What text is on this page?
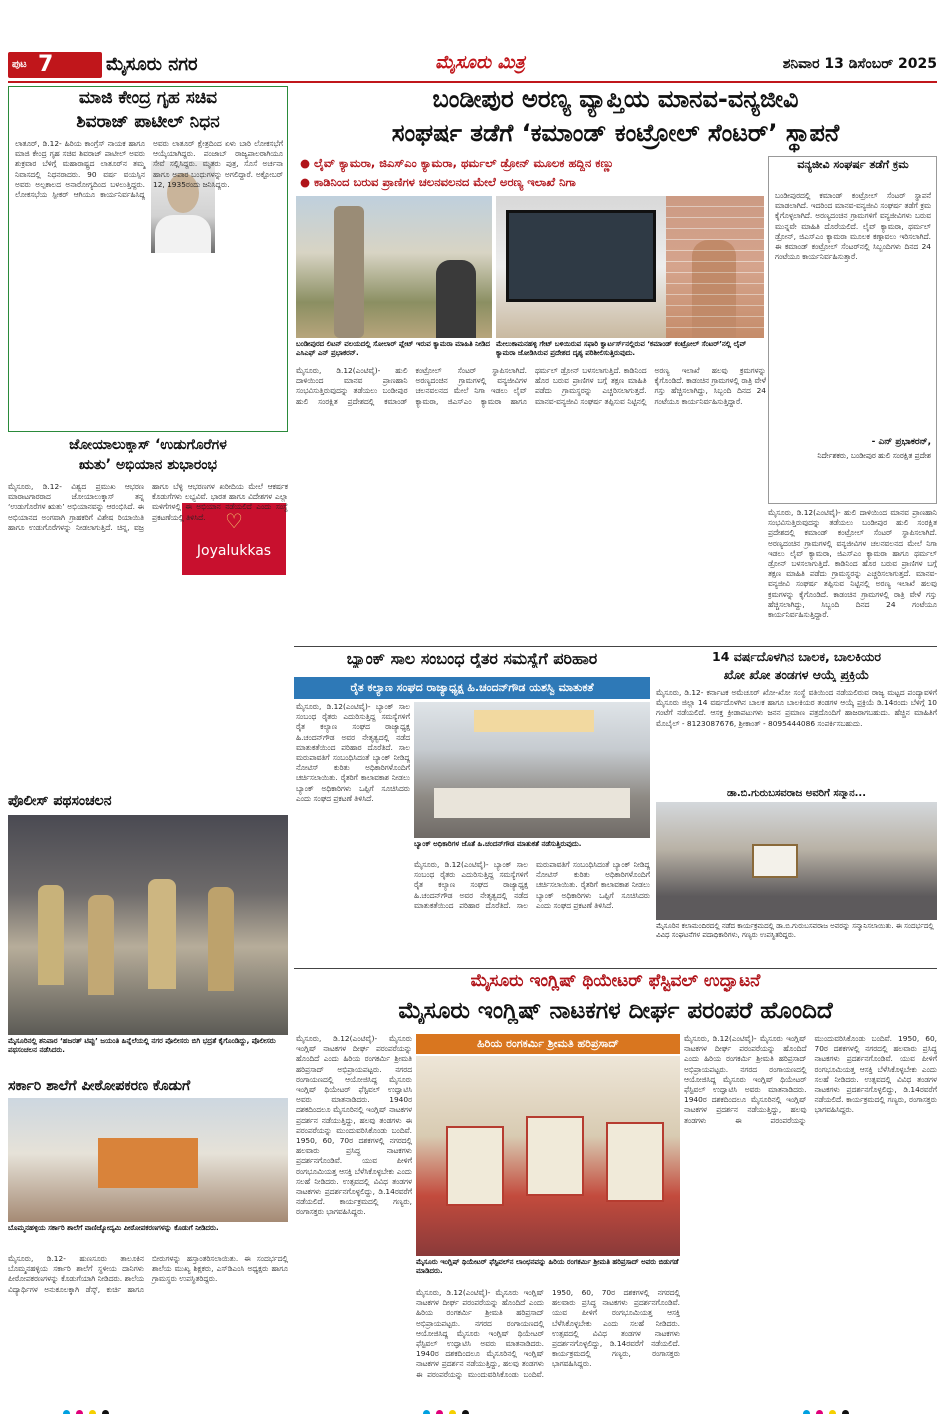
ಪುಟ 7	ಮೈಸೂರು ನಗರ	ಮೈಸೂರು ಮಿತ್ರ	ಶನಿವಾರ 13 ಡಿಸೆಂಬರ್ 2025
ಮಾಜಿ ಕೇಂದ್ರ ಗೃಹ ಸಚಿವ
ಶಿವರಾಜ್ ಪಾಟೀಲ್ ನಿಧನ
ಲಾತೂರ್, ಡಿ.12- ಹಿರಿಯ ಕಾಂಗ್ರೆಸ್ ನಾಯಕ ಹಾಗೂ ಮಾಜಿ ಕೇಂದ್ರ ಗೃಹ ಸಚಿವ ಶಿವರಾಜ್ ಪಾಟೀಲ್ ಅವರು ಶುಕ್ರವಾರ ಬೆಳಿಗ್ಗೆ ಮಹಾರಾಷ್ಟ್ರದ ಲಾತೂರ್‌ನ ತಮ್ಮ ನಿವಾಸದಲ್ಲಿ ನಿಧನರಾದರು. 90 ವರ್ಷ ವಯಸ್ಸಿನ ಅವರು ಅಲ್ಪಕಾಲದ ಅನಾರೋಗ್ಯದಿಂದ ಬಳಲುತ್ತಿದ್ದರು. ಲೋಕಸಭೆಯ ಸ್ಪೀಕರ್ ಆಗಿಯೂ ಕಾರ್ಯನಿರ್ವಹಿಸಿದ್ದ ಅವರು ಲಾತೂರ್ ಕ್ಷೇತ್ರದಿಂದ ಏಳು ಬಾರಿ ಲೋಕಸಭೆಗೆ ಆಯ್ಕೆಯಾಗಿದ್ದರು. ಪಂಜಾಬ್ ರಾಜ್ಯಪಾಲರಾಗಿಯೂ ಸೇವೆ ಸಲ್ಲಿಸಿದ್ದರು. ಮೃತರು ಪುತ್ರ, ಸೊಸೆ ಅರ್ಚನಾ ಹಾಗೂ ಅಪಾರ ಬಂಧುಗಳನ್ನು ಅಗಲಿದ್ದಾರೆ. ಅಕ್ಟೋಬರ್ 12, 1935ರಂದು ಜನಿಸಿದ್ದರು.
ಜೋಯಾಲುಕ್ಕಾಸ್ ‘ಉಡುಗೊರೆಗಳ
ಋತು’ ಅಭಿಯಾನ ಶುಭಾರಂಭ
♡
Joyalukkas
ಮೈಸೂರು, ಡಿ.12- ವಿಶ್ವದ ಪ್ರಮುಖ ಆಭರಣ ಮಾರಾಟಗಾರರಾದ ಜೋಯಾಲುಕ್ಕಾಸ್ ತನ್ನ ‘ಉಡುಗೊರೆಗಳ ಋತು’ ಅಭಿಯಾನವನ್ನು ಆರಂಭಿಸಿದೆ. ಈ ಅಭಿಯಾನದ ಅಂಗವಾಗಿ ಗ್ರಾಹಕರಿಗೆ ವಿಶೇಷ ರಿಯಾಯಿತಿ ಹಾಗೂ ಉಡುಗೊರೆಗಳನ್ನು ನೀಡಲಾಗುತ್ತಿದೆ. ಚಿನ್ನ, ವಜ್ರ ಹಾಗೂ ಬೆಳ್ಳಿ ಆಭರಣಗಳ ಖರೀದಿಯ ಮೇಲೆ ಆಕರ್ಷಕ ಕೊಡುಗೆಗಳು ಲಭ್ಯವಿವೆ. ಭಾರತ ಹಾಗೂ ವಿದೇಶಗಳ ಎಲ್ಲಾ ಮಳಿಗೆಗಳಲ್ಲಿ ಈ ಅಭಿಯಾನ ನಡೆಯಲಿದೆ ಎಂದು ಸಂಸ್ಥೆ ಪ್ರಕಟಣೆಯಲ್ಲಿ ತಿಳಿಸಿದೆ.
ಪೊಲೀಸ್ ಪಥಸಂಚಲನ
ಮೈಸೂರಿನಲ್ಲಿ ಶನಿವಾರ ‘ಹಜರತ್ ಟಿಪ್ಪು’ ಜಯಂತಿ ಹಿನ್ನೆಲೆಯಲ್ಲಿ ನಗರ ಪೊಲೀಸರು ಬಿಗಿ ಭದ್ರತೆ ಕೈಗೊಂಡಿದ್ದು, ಪೊಲೀಸರು ಪಥಸಂಚಲನ ನಡೆಸಿದರು.
ಸರ್ಕಾರಿ ಶಾಲೆಗೆ ಪೀಠೋಪಕರಣ ಕೊಡುಗೆ
ಬೊಮ್ಮನಹಳ್ಳಿಯ ಸರ್ಕಾರಿ ಶಾಲೆಗೆ ವಾಣಿಜ್ಯೋದ್ಯಮಿ ಪೀಠೋಪಕರಣಗಳನ್ನು ಕೊಡುಗೆ ನೀಡಿದರು.
ಮೈಸೂರು, ಡಿ.12- ಹುಣಸೂರು ತಾಲೂಕಿನ ಬೊಮ್ಮನಹಳ್ಳಿಯ ಸರ್ಕಾರಿ ಶಾಲೆಗೆ ಸ್ಥಳೀಯ ದಾನಿಗಳು ಪೀಠೋಪಕರಣಗಳನ್ನು ಕೊಡುಗೆಯಾಗಿ ನೀಡಿದರು. ಶಾಲೆಯ ವಿದ್ಯಾರ್ಥಿಗಳ ಅನುಕೂಲಕ್ಕಾಗಿ ಡೆಸ್ಕ್, ಕುರ್ಚಿ ಹಾಗೂ ಬೀರುಗಳನ್ನು ಹಸ್ತಾಂತರಿಸಲಾಯಿತು. ಈ ಸಂದರ್ಭದಲ್ಲಿ ಶಾಲೆಯ ಮುಖ್ಯ ಶಿಕ್ಷಕರು, ಎಸ್‌ಡಿಎಂಸಿ ಅಧ್ಯಕ್ಷರು ಹಾಗೂ ಗ್ರಾಮಸ್ಥರು ಉಪಸ್ಥಿತರಿದ್ದರು.
ಬಂಡೀಪುರ ಅರಣ್ಯ ವ್ಯಾಪ್ತಿಯ ಮಾನವ-ವನ್ಯಜೀವಿ
ಸಂಘರ್ಷ ತಡೆಗೆ ‘ಕಮಾಂಡ್ ಕಂಟ್ರೋಲ್ ಸೆಂಟರ್’ ಸ್ಥಾಪನೆ
● ಲೈವ್ ಕ್ಯಾಮರಾ, ಜಿಎಸ್‌ಎಂ ಕ್ಯಾಮರಾ, ಥರ್ಮಲ್ ಡ್ರೋನ್ ಮೂಲಕ ಹದ್ದಿನ ಕಣ್ಣು
● ಕಾಡಿನಿಂದ ಬರುವ ಪ್ರಾಣಿಗಳ ಚಲನವಲನದ ಮೇಲೆ ಅರಣ್ಯ ಇಲಾಖೆ ನಿಗಾ
ಬಂಡೀಪುರದ ಲಿಟನ್ ವಲಯದಲ್ಲಿ ಸೋಲಾರ್ ಪ್ಲೇಟ್ ಇರುವ ಕ್ಯಾಮರಾ ಮಾಹಿತಿ ನೀಡಿದ ಎಸಿಎಫ್ ಎನ್ ಪ್ರಭಾಕರನ್.
ಮೇಲುಕಾಮನಹಳ್ಳಿ ಗೇಟ್ ಬಳಿಯಿರುವ ಸಫಾರಿ ಕ್ವಾರ್ಟರ್ಸ್‌ನಲ್ಲಿರುವ ‘ಕಮಾಂಡ್ ಕಂಟ್ರೋಲ್ ಸೆಂಟರ್’ನಲ್ಲಿ ಲೈವ್ ಕ್ಯಾಮರಾ ಜೋಡಿಸಿರುವ ಪ್ರದೇಶದ ದೃಶ್ಯ ಪರಿಶೀಲಿಸುತ್ತಿರುವುದು.
ವನ್ಯಜೀವಿ ಸಂಘರ್ಷ ತಡೆಗೆ ಕ್ರಮ
ಬಂಡೀಪುರದಲ್ಲಿ ಕಮಾಂಡ್ ಕಂಟ್ರೋಲ್ ಸೆಂಟರ್ ಸ್ಥಾಪನೆ ಮಾಡಲಾಗಿದೆ. ಇದರಿಂದ ಮಾನವ-ವನ್ಯಜೀವಿ ಸಂಘರ್ಷ ತಡೆಗೆ ಕ್ರಮ ಕೈಗೊಳ್ಳಲಾಗಿದೆ. ಅರಣ್ಯದಂಚಿನ ಗ್ರಾಮಗಳಿಗೆ ವನ್ಯಜೀವಿಗಳು ಬರುವ ಮುನ್ನವೇ ಮಾಹಿತಿ ದೊರೆಯಲಿದೆ. ಲೈವ್ ಕ್ಯಾಮರಾ, ಥರ್ಮಲ್ ಡ್ರೋನ್, ಜಿಎಸ್‌ಎಂ ಕ್ಯಾಮರಾ ಮೂಲಕ ಕಣ್ಗಾವಲು ಇರಿಸಲಾಗಿದೆ. ಈ ಕಮಾಂಡ್ ಕಂಟ್ರೋಲ್ ಸೆಂಟರ್‌ನಲ್ಲಿ ಸಿಬ್ಬಂದಿಗಳು ದಿನದ 24 ಗಂಟೆಯೂ ಕಾರ್ಯನಿರ್ವಹಿಸುತ್ತಾರೆ.
- ಎನ್ ಪ್ರಭಾಕರನ್,
ನಿರ್ದೇಶಕರು, ಬಂಡೀಪುರ ಹುಲಿ ಸಂರಕ್ಷಿತ ಪ್ರದೇಶ
ಮೈಸೂರು, ಡಿ.12(ಎಂಟಿವೈ)- ಹುಲಿ ದಾಳಿಯಿಂದ ಮಾನವ ಪ್ರಾಣಹಾನಿ ಸಂಭವಿಸುತ್ತಿರುವುದನ್ನು ತಡೆಯಲು ಬಂಡೀಪುರ ಹುಲಿ ಸಂರಕ್ಷಿತ ಪ್ರದೇಶದಲ್ಲಿ ಕಮಾಂಡ್ ಕಂಟ್ರೋಲ್ ಸೆಂಟರ್ ಸ್ಥಾಪಿಸಲಾಗಿದೆ. ಅರಣ್ಯದಂಚಿನ ಗ್ರಾಮಗಳಲ್ಲಿ ವನ್ಯಜೀವಿಗಳ ಚಲನವಲನದ ಮೇಲೆ ನಿಗಾ ಇಡಲು ಲೈವ್ ಕ್ಯಾಮರಾ, ಜಿಎಸ್‌ಎಂ ಕ್ಯಾಮರಾ ಹಾಗೂ ಥರ್ಮಲ್ ಡ್ರೋನ್ ಬಳಸಲಾಗುತ್ತಿದೆ. ಕಾಡಿನಿಂದ ಹೊರ ಬರುವ ಪ್ರಾಣಿಗಳ ಬಗ್ಗೆ ತಕ್ಷಣ ಮಾಹಿತಿ ಪಡೆದು ಗ್ರಾಮಸ್ಥರನ್ನು ಎಚ್ಚರಿಸಲಾಗುತ್ತದೆ. ಮಾನವ-ವನ್ಯಜೀವಿ ಸಂಘರ್ಷ ತಪ್ಪಿಸುವ ನಿಟ್ಟಿನಲ್ಲಿ ಅರಣ್ಯ ಇಲಾಖೆ ಹಲವು ಕ್ರಮಗಳನ್ನು ಕೈಗೊಂಡಿದೆ. ಕಾಡಂಚಿನ ಗ್ರಾಮಗಳಲ್ಲಿ ರಾತ್ರಿ ವೇಳೆ ಗಸ್ತು ಹೆಚ್ಚಿಸಲಾಗಿದ್ದು, ಸಿಬ್ಬಂದಿ ದಿನದ 24 ಗಂಟೆಯೂ ಕಾರ್ಯನಿರ್ವಹಿಸುತ್ತಿದ್ದಾರೆ.
ಮೈಸೂರು, ಡಿ.12(ಎಂಟಿವೈ)- ಹುಲಿ ದಾಳಿಯಿಂದ ಮಾನವ ಪ್ರಾಣಹಾನಿ ಸಂಭವಿಸುತ್ತಿರುವುದನ್ನು ತಡೆಯಲು ಬಂಡೀಪುರ ಹುಲಿ ಸಂರಕ್ಷಿತ ಪ್ರದೇಶದಲ್ಲಿ ಕಮಾಂಡ್ ಕಂಟ್ರೋಲ್ ಸೆಂಟರ್ ಸ್ಥಾಪಿಸಲಾಗಿದೆ. ಅರಣ್ಯದಂಚಿನ ಗ್ರಾಮಗಳಲ್ಲಿ ವನ್ಯಜೀವಿಗಳ ಚಲನವಲನದ ಮೇಲೆ ನಿಗಾ ಇಡಲು ಲೈವ್ ಕ್ಯಾಮರಾ, ಜಿಎಸ್‌ಎಂ ಕ್ಯಾಮರಾ ಹಾಗೂ ಥರ್ಮಲ್ ಡ್ರೋನ್ ಬಳಸಲಾಗುತ್ತಿದೆ. ಕಾಡಿನಿಂದ ಹೊರ ಬರುವ ಪ್ರಾಣಿಗಳ ಬಗ್ಗೆ ತಕ್ಷಣ ಮಾಹಿತಿ ಪಡೆದು ಗ್ರಾಮಸ್ಥರನ್ನು ಎಚ್ಚರಿಸಲಾಗುತ್ತದೆ. ಮಾನವ-ವನ್ಯಜೀವಿ ಸಂಘರ್ಷ ತಪ್ಪಿಸುವ ನಿಟ್ಟಿನಲ್ಲಿ ಅರಣ್ಯ ಇಲಾಖೆ ಹಲವು ಕ್ರಮಗಳನ್ನು ಕೈಗೊಂಡಿದೆ. ಕಾಡಂಚಿನ ಗ್ರಾಮಗಳಲ್ಲಿ ರಾತ್ರಿ ವೇಳೆ ಗಸ್ತು ಹೆಚ್ಚಿಸಲಾಗಿದ್ದು, ಸಿಬ್ಬಂದಿ ದಿನದ 24 ಗಂಟೆಯೂ ಕಾರ್ಯನಿರ್ವಹಿಸುತ್ತಿದ್ದಾರೆ.
ಬ್ಯಾಂಕ್ ಸಾಲ ಸಂಬಂಧ ರೈತರ ಸಮಸ್ಯೆಗೆ ಪರಿಹಾರ
ರೈತ ಕಲ್ಯಾಣ ಸಂಘದ ರಾಜ್ಯಾಧ್ಯಕ್ಷ ಹಿ.ಚಂದನ್‌ಗೌಡ ಯಶಸ್ವಿ ಮಾತುಕತೆ
ಬ್ಯಾಂಕ್ ಅಧಿಕಾರಿಗಳ ಜೊತೆ ಹಿ.ಚಂದನ್‌ಗೌಡ ಮಾತುಕತೆ ನಡೆಸುತ್ತಿರುವುದು.
ಮೈಸೂರು, ಡಿ.12(ಎಂಟಿವೈ)- ಬ್ಯಾಂಕ್ ಸಾಲ ಸಂಬಂಧ ರೈತರು ಎದುರಿಸುತ್ತಿದ್ದ ಸಮಸ್ಯೆಗಳಿಗೆ ರೈತ ಕಲ್ಯಾಣ ಸಂಘದ ರಾಜ್ಯಾಧ್ಯಕ್ಷ ಹಿ.ಚಂದನ್‌ಗೌಡ ಅವರ ನೇತೃತ್ವದಲ್ಲಿ ನಡೆದ ಮಾತುಕತೆಯಿಂದ ಪರಿಹಾರ ದೊರೆತಿದೆ. ಸಾಲ ಮರುಪಾವತಿಗೆ ಸಂಬಂಧಿಸಿದಂತೆ ಬ್ಯಾಂಕ್ ನೀಡಿದ್ದ ನೋಟಿಸ್ ಕುರಿತು ಅಧಿಕಾರಿಗಳೊಂದಿಗೆ ಚರ್ಚಿಸಲಾಯಿತು. ರೈತರಿಗೆ ಕಾಲಾವಕಾಶ ನೀಡಲು ಬ್ಯಾಂಕ್ ಅಧಿಕಾರಿಗಳು ಒಪ್ಪಿಗೆ ಸೂಚಿಸಿದರು ಎಂದು ಸಂಘದ ಪ್ರಕಟಣೆ ತಿಳಿಸಿದೆ.
ಮೈಸೂರು, ಡಿ.12(ಎಂಟಿವೈ)- ಬ್ಯಾಂಕ್ ಸಾಲ ಸಂಬಂಧ ರೈತರು ಎದುರಿಸುತ್ತಿದ್ದ ಸಮಸ್ಯೆಗಳಿಗೆ ರೈತ ಕಲ್ಯಾಣ ಸಂಘದ ರಾಜ್ಯಾಧ್ಯಕ್ಷ ಹಿ.ಚಂದನ್‌ಗೌಡ ಅವರ ನೇತೃತ್ವದಲ್ಲಿ ನಡೆದ ಮಾತುಕತೆಯಿಂದ ಪರಿಹಾರ ದೊರೆತಿದೆ. ಸಾಲ ಮರುಪಾವತಿಗೆ ಸಂಬಂಧಿಸಿದಂತೆ ಬ್ಯಾಂಕ್ ನೀಡಿದ್ದ ನೋಟಿಸ್ ಕುರಿತು ಅಧಿಕಾರಿಗಳೊಂದಿಗೆ ಚರ್ಚಿಸಲಾಯಿತು. ರೈತರಿಗೆ ಕಾಲಾವಕಾಶ ನೀಡಲು ಬ್ಯಾಂಕ್ ಅಧಿಕಾರಿಗಳು ಒಪ್ಪಿಗೆ ಸೂಚಿಸಿದರು ಎಂದು ಸಂಘದ ಪ್ರಕಟಣೆ ತಿಳಿಸಿದೆ.
14 ವರ್ಷದೊಳಗಿನ ಬಾಲಕ, ಬಾಲಕಿಯರ
ಖೋ ಖೋ ತಂಡಗಳ ಆಯ್ಕೆ ಪ್ರಕ್ರಿಯೆ
ಮೈಸೂರು, ಡಿ.12- ಕರ್ನಾಟಕ ಅಮೆಚೂರ್ ಖೋ-ಖೋ ಸಂಸ್ಥೆ ವತಿಯಿಂದ ನಡೆಯಲಿರುವ ರಾಜ್ಯ ಮಟ್ಟದ ಪಂದ್ಯಾವಳಿಗೆ ಮೈಸೂರು ಜಿಲ್ಲಾ 14 ವರ್ಷದೊಳಗಿನ ಬಾಲಕ ಹಾಗೂ ಬಾಲಕಿಯರ ತಂಡಗಳ ಆಯ್ಕೆ ಪ್ರಕ್ರಿಯೆ ಡಿ.14ರಂದು ಬೆಳಿಗ್ಗೆ 10 ಗಂಟೆಗೆ ನಡೆಯಲಿದೆ. ಆಸಕ್ತ ಕ್ರೀಡಾಪಟುಗಳು ಜನನ ಪ್ರಮಾಣ ಪತ್ರದೊಂದಿಗೆ ಹಾಜರಾಗಬಹುದು. ಹೆಚ್ಚಿನ ಮಾಹಿತಿಗೆ ಮೊಬೈಲ್ - 8123087676, ಶ್ರೀಕಾಂತ್ - 8095444086 ಸಂಪರ್ಕಿಸಬಹುದು.
ಡಾ.ಬಿ.ಗುರುಬಸವರಾಜ ಅವರಿಗೆ ಸನ್ಮಾನ...
ಮೈಸೂರಿನ ಕಲಾಮಂದಿರದಲ್ಲಿ ನಡೆದ ಕಾರ್ಯಕ್ರಮದಲ್ಲಿ ಡಾ.ಬಿ.ಗುರುಬಸವರಾಜ ಅವರನ್ನು ಸನ್ಮಾನಿಸಲಾಯಿತು. ಈ ಸಂದರ್ಭದಲ್ಲಿ ವಿವಿಧ ಸಂಘಟನೆಗಳ ಪದಾಧಿಕಾರಿಗಳು, ಗಣ್ಯರು ಉಪಸ್ಥಿತರಿದ್ದರು.
ಮೈಸೂರು ಇಂಗ್ಲಿಷ್ ಥಿಯೇಟರ್ ಫೆಸ್ಟಿವಲ್ ಉದ್ಘಾಟನೆ
ಮೈಸೂರು ಇಂಗ್ಲಿಷ್ ನಾಟಕಗಳ ದೀರ್ಘ ಪರಂಪರೆ ಹೊಂದಿದೆ
ಹಿರಿಯ ರಂಗಕರ್ಮಿ ಶ್ರೀಮತಿ ಹರಿಪ್ರಸಾದ್
ಮೈಸೂರು ಇಂಗ್ಲಿಷ್ ಥಿಯೇಟರ್ ಫೆಸ್ಟಿವಲ್‌ನ ಲಾಂಛನವನ್ನು ಹಿರಿಯ ರಂಗಕರ್ಮಿ ಶ್ರೀಮತಿ ಹರಿಪ್ರಸಾದ್ ಅವರು ಬಿಡುಗಡೆ ಮಾಡಿದರು.
ಮೈಸೂರು, ಡಿ.12(ಎಂಟಿವೈ)- ಮೈಸೂರು ಇಂಗ್ಲಿಷ್ ನಾಟಕಗಳ ದೀರ್ಘ ಪರಂಪರೆಯನ್ನು ಹೊಂದಿದೆ ಎಂದು ಹಿರಿಯ ರಂಗಕರ್ಮಿ ಶ್ರೀಮತಿ ಹರಿಪ್ರಸಾದ್ ಅಭಿಪ್ರಾಯಪಟ್ಟರು. ನಗರದ ರಂಗಾಯಣದಲ್ಲಿ ಆಯೋಜಿಸಿದ್ದ ಮೈಸೂರು ಇಂಗ್ಲಿಷ್ ಥಿಯೇಟರ್ ಫೆಸ್ಟಿವಲ್ ಉದ್ಘಾಟಿಸಿ ಅವರು ಮಾತನಾಡಿದರು. 1940ರ ದಶಕದಿಂದಲೂ ಮೈಸೂರಿನಲ್ಲಿ ಇಂಗ್ಲಿಷ್ ನಾಟಕಗಳ ಪ್ರದರ್ಶನ ನಡೆಯುತ್ತಿದ್ದು, ಹಲವು ತಂಡಗಳು ಈ ಪರಂಪರೆಯನ್ನು ಮುಂದುವರಿಸಿಕೊಂಡು ಬಂದಿವೆ. 1950, 60, 70ರ ದಶಕಗಳಲ್ಲಿ ನಗರದಲ್ಲಿ ಹಲವಾರು ಪ್ರಸಿದ್ಧ ನಾಟಕಗಳು ಪ್ರದರ್ಶನಗೊಂಡಿವೆ. ಯುವ ಪೀಳಿಗೆ ರಂಗಭೂಮಿಯತ್ತ ಆಸಕ್ತಿ ಬೆಳೆಸಿಕೊಳ್ಳಬೇಕು ಎಂದು ಸಲಹೆ ನೀಡಿದರು. ಉತ್ಸವದಲ್ಲಿ ವಿವಿಧ ತಂಡಗಳ ನಾಟಕಗಳು ಪ್ರದರ್ಶನಗೊಳ್ಳಲಿದ್ದು, ಡಿ.14ರವರೆಗೆ ನಡೆಯಲಿದೆ. ಕಾರ್ಯಕ್ರಮದಲ್ಲಿ ಗಣ್ಯರು, ರಂಗಾಸಕ್ತರು ಭಾಗವಹಿಸಿದ್ದರು.
ಮೈಸೂರು, ಡಿ.12(ಎಂಟಿವೈ)- ಮೈಸೂರು ಇಂಗ್ಲಿಷ್ ನಾಟಕಗಳ ದೀರ್ಘ ಪರಂಪರೆಯನ್ನು ಹೊಂದಿದೆ ಎಂದು ಹಿರಿಯ ರಂಗಕರ್ಮಿ ಶ್ರೀಮತಿ ಹರಿಪ್ರಸಾದ್ ಅಭಿಪ್ರಾಯಪಟ್ಟರು. ನಗರದ ರಂಗಾಯಣದಲ್ಲಿ ಆಯೋಜಿಸಿದ್ದ ಮೈಸೂರು ಇಂಗ್ಲಿಷ್ ಥಿಯೇಟರ್ ಫೆಸ್ಟಿವಲ್ ಉದ್ಘಾಟಿಸಿ ಅವರು ಮಾತನಾಡಿದರು. 1940ರ ದಶಕದಿಂದಲೂ ಮೈಸೂರಿನಲ್ಲಿ ಇಂಗ್ಲಿಷ್ ನಾಟಕಗಳ ಪ್ರದರ್ಶನ ನಡೆಯುತ್ತಿದ್ದು, ಹಲವು ತಂಡಗಳು ಈ ಪರಂಪರೆಯನ್ನು ಮುಂದುವರಿಸಿಕೊಂಡು ಬಂದಿವೆ. 1950, 60, 70ರ ದಶಕಗಳಲ್ಲಿ ನಗರದಲ್ಲಿ ಹಲವಾರು ಪ್ರಸಿದ್ಧ ನಾಟಕಗಳು ಪ್ರದರ್ಶನಗೊಂಡಿವೆ. ಯುವ ಪೀಳಿಗೆ ರಂಗಭೂಮಿಯತ್ತ ಆಸಕ್ತಿ ಬೆಳೆಸಿಕೊಳ್ಳಬೇಕು ಎಂದು ಸಲಹೆ ನೀಡಿದರು. ಉತ್ಸವದಲ್ಲಿ ವಿವಿಧ ತಂಡಗಳ ನಾಟಕಗಳು ಪ್ರದರ್ಶನಗೊಳ್ಳಲಿದ್ದು, ಡಿ.14ರವರೆಗೆ ನಡೆಯಲಿದೆ. ಕಾರ್ಯಕ್ರಮದಲ್ಲಿ ಗಣ್ಯರು, ರಂಗಾಸಕ್ತರು ಭಾಗವಹಿಸಿದ್ದರು.
ಮೈಸೂರು, ಡಿ.12(ಎಂಟಿವೈ)- ಮೈಸೂರು ಇಂಗ್ಲಿಷ್ ನಾಟಕಗಳ ದೀರ್ಘ ಪರಂಪರೆಯನ್ನು ಹೊಂದಿದೆ ಎಂದು ಹಿರಿಯ ರಂಗಕರ್ಮಿ ಶ್ರೀಮತಿ ಹರಿಪ್ರಸಾದ್ ಅಭಿಪ್ರಾಯಪಟ್ಟರು. ನಗರದ ರಂಗಾಯಣದಲ್ಲಿ ಆಯೋಜಿಸಿದ್ದ ಮೈಸೂರು ಇಂಗ್ಲಿಷ್ ಥಿಯೇಟರ್ ಫೆಸ್ಟಿವಲ್ ಉದ್ಘಾಟಿಸಿ ಅವರು ಮಾತನಾಡಿದರು. 1940ರ ದಶಕದಿಂದಲೂ ಮೈಸೂರಿನಲ್ಲಿ ಇಂಗ್ಲಿಷ್ ನಾಟಕಗಳ ಪ್ರದರ್ಶನ ನಡೆಯುತ್ತಿದ್ದು, ಹಲವು ತಂಡಗಳು ಈ ಪರಂಪರೆಯನ್ನು ಮುಂದುವರಿಸಿಕೊಂಡು ಬಂದಿವೆ. 1950, 60, 70ರ ದಶಕಗಳಲ್ಲಿ ನಗರದಲ್ಲಿ ಹಲವಾರು ಪ್ರಸಿದ್ಧ ನಾಟಕಗಳು ಪ್ರದರ್ಶನಗೊಂಡಿವೆ. ಯುವ ಪೀಳಿಗೆ ರಂಗಭೂಮಿಯತ್ತ ಆಸಕ್ತಿ ಬೆಳೆಸಿಕೊಳ್ಳಬೇಕು ಎಂದು ಸಲಹೆ ನೀಡಿದರು. ಉತ್ಸವದಲ್ಲಿ ವಿವಿಧ ತಂಡಗಳ ನಾಟಕಗಳು ಪ್ರದರ್ಶನಗೊಳ್ಳಲಿದ್ದು, ಡಿ.14ರವರೆಗೆ ನಡೆಯಲಿದೆ. ಕಾರ್ಯಕ್ರಮದಲ್ಲಿ ಗಣ್ಯರು, ರಂಗಾಸಕ್ತರು ಭಾಗವಹಿಸಿದ್ದರು.
